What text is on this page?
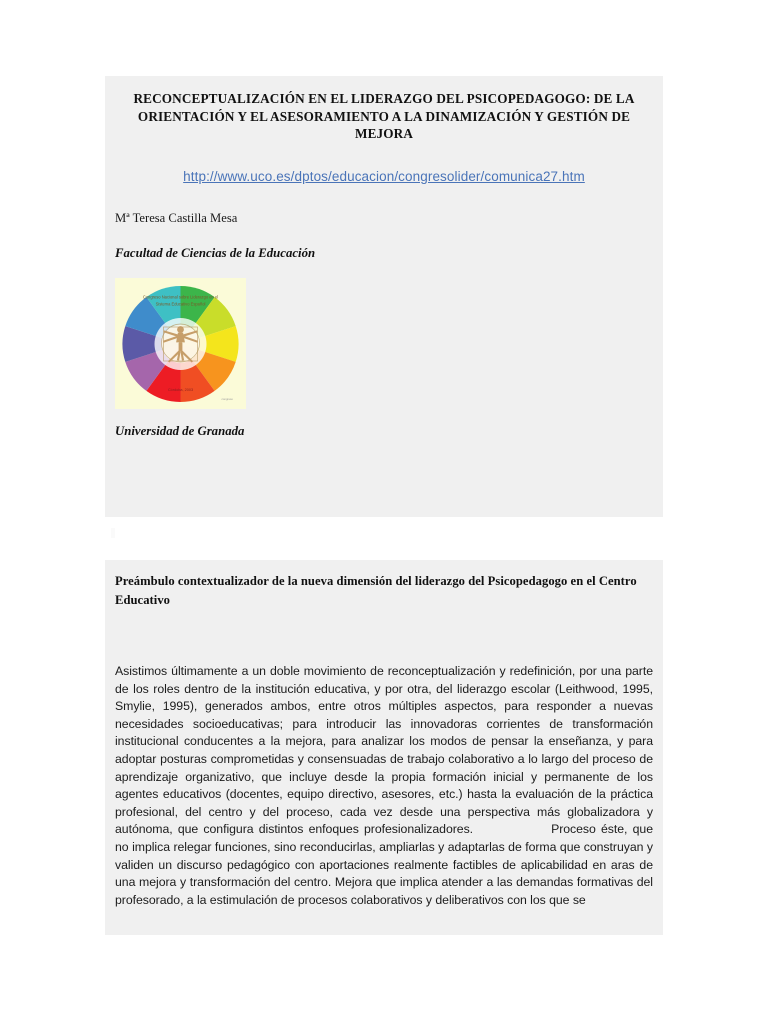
RECONCEPTUALIZACIÓN EN EL LIDERAZGO DEL PSICOPEDAGOGO: DE LA ORIENTACIÓN Y EL ASESORAMIENTO A LA DINAMIZACIÓN Y GESTIÓN DE MEJORA
http://www.uco.es/dptos/educacion/congresolider/comunica27.htm
Mª Teresa Castilla Mesa
Facultad de Ciencias de la Educación
Congreso Nacional sobre Liderazgo en el
Sistema Educativo Español
Córdoba, 2003
congreso
Universidad de Granada
Preámbulo contextualizador de la nueva dimensión del liderazgo del Psicopedagogo en el Centro Educativo

Asistimos últimamente a un doble movimiento de reconceptualización y redefinición, por una parte de los roles dentro de la institución educativa, y por otra, del liderazgo escolar (Leithwood, 1995, Smylie, 1995), generados ambos, entre otros múltiples aspectos, para responder a nuevas necesidades socioeducativas; para introducir las innovadoras corrientes de transformación institucional conducentes a la mejora, para analizar los modos de pensar la enseñanza, y para adoptar posturas comprometidas y consensuadas de trabajo colaborativo a lo largo del proceso de aprendizaje organizativo, que incluye desde la propia formación inicial y permanente de los agentes educativos (docentes, equipo directivo, asesores, etc.) hasta la evaluación de la práctica profesional, del centro y del proceso, cada vez desde una perspectiva más globalizadora y autónoma, que configura distintos enfoques profesionalizadores.	Proceso éste, que no implica relegar funciones, sino reconducirlas, ampliarlas y adaptarlas de forma que construyan y validen un discurso pedagógico con aportaciones realmente factibles de aplicabilidad en aras de una mejora y transformación del centro. Mejora que implica atender a las demandas formativas del profesorado, a la estimulación de procesos colaborativos y deliberativos con los que se
